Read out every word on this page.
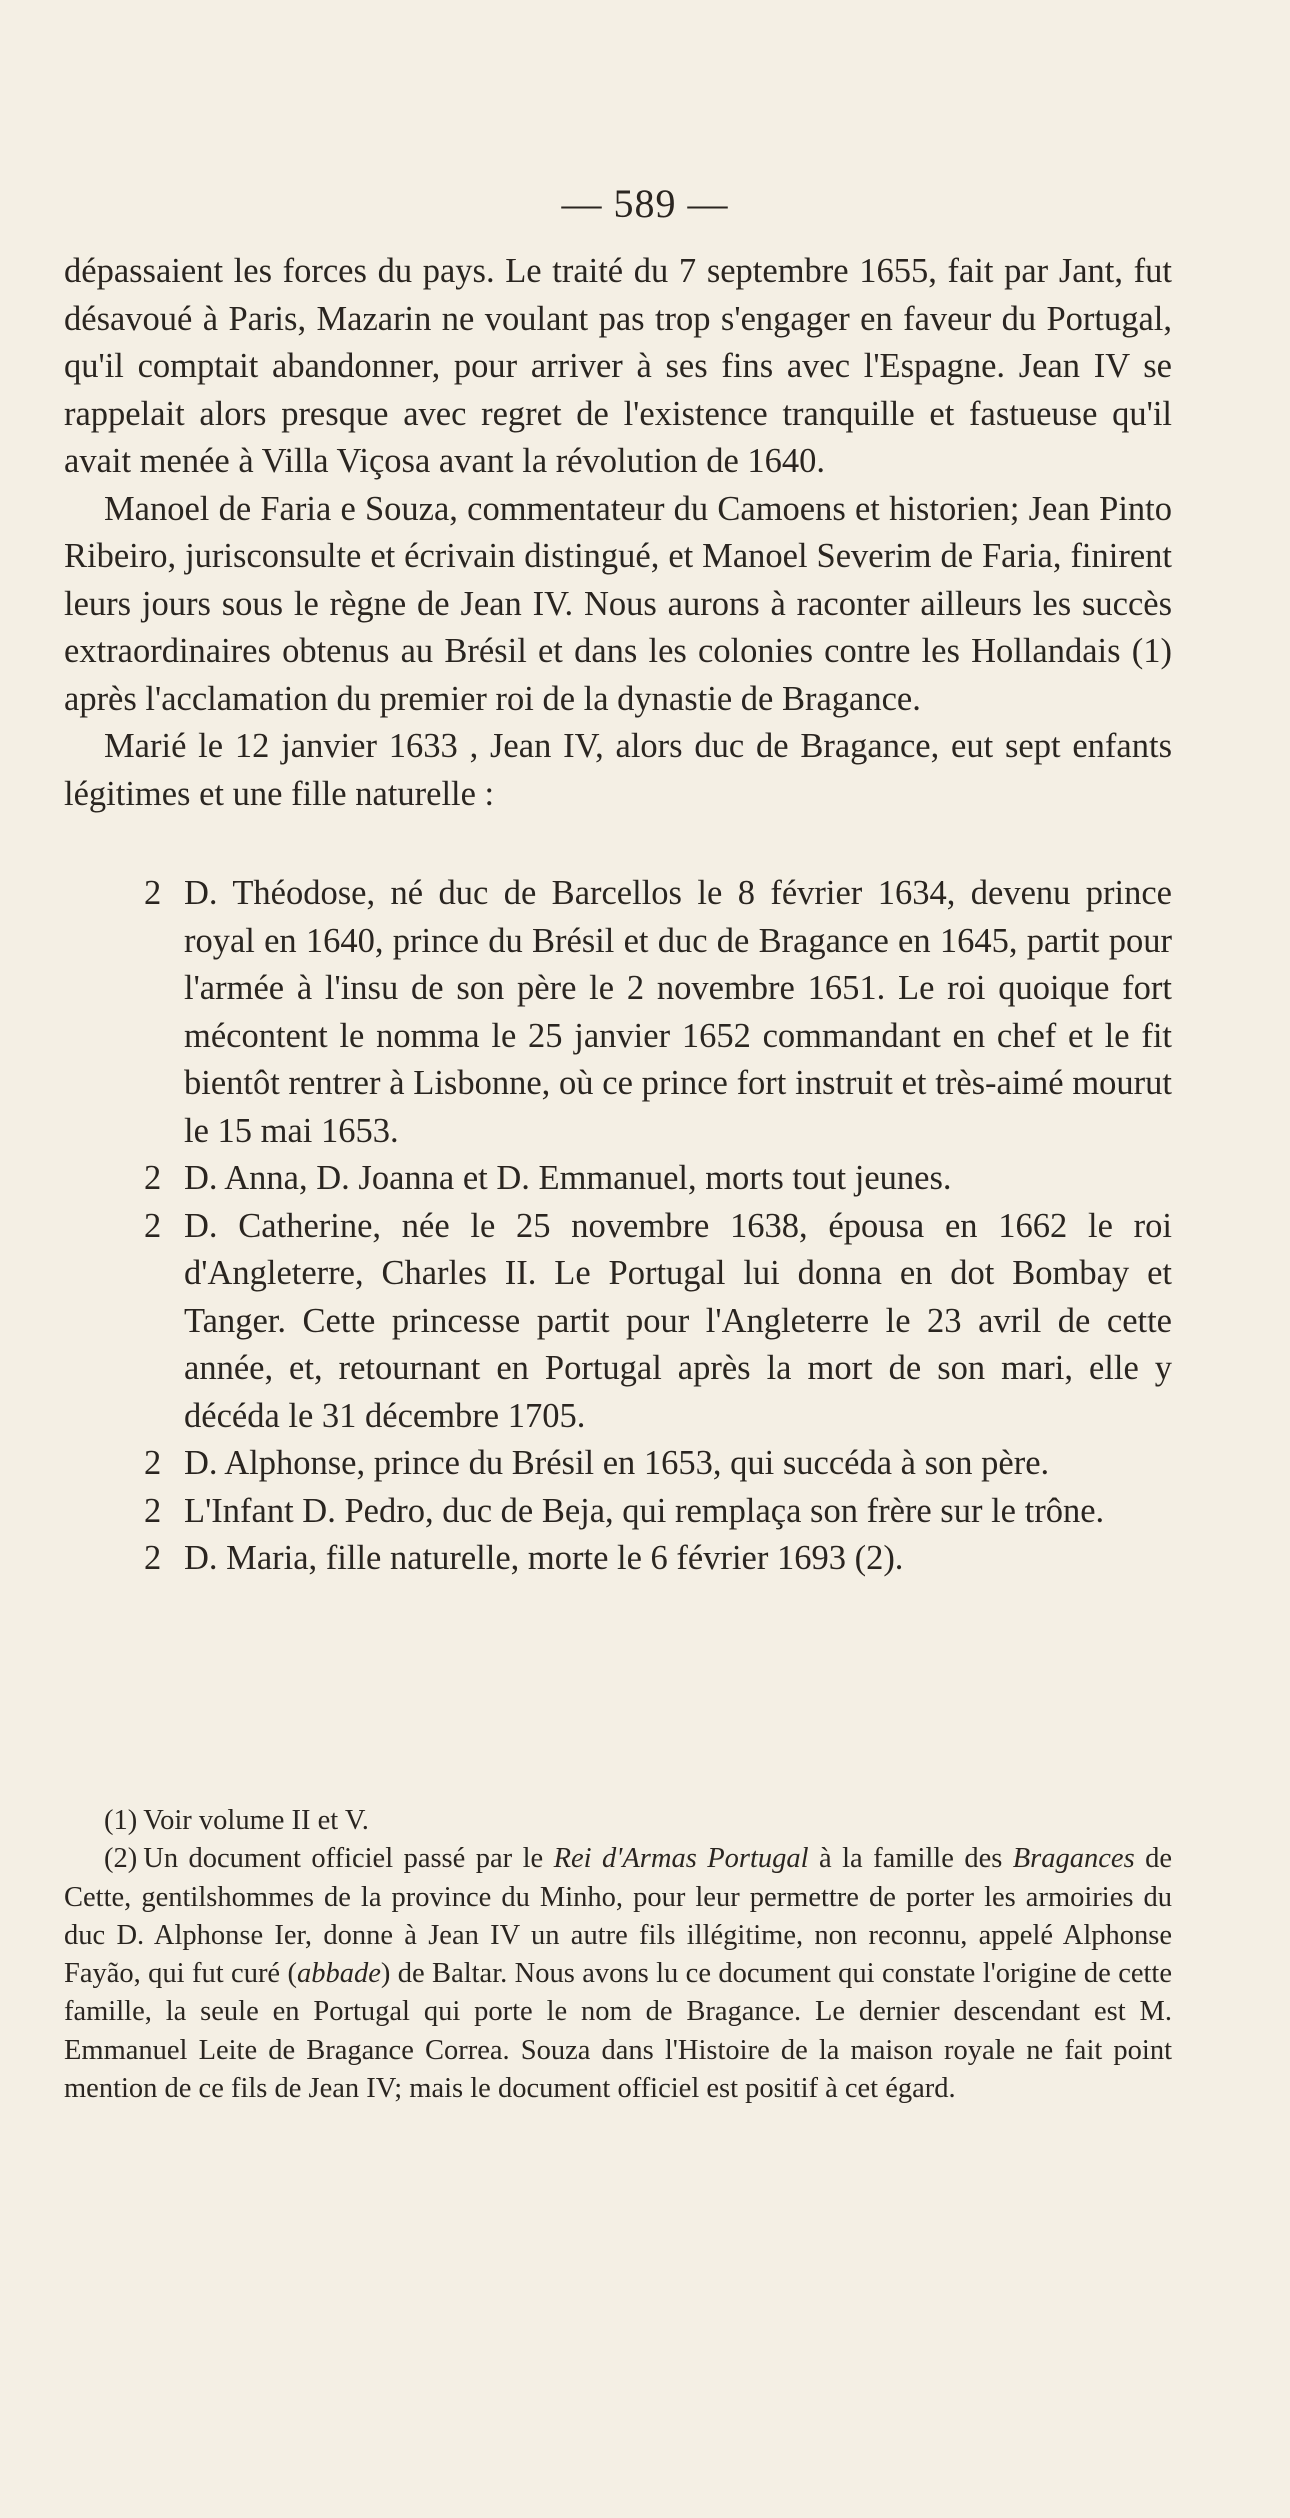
— 589 —

dépassaient les forces du pays. Le traité du 7 septembre 1655, fait par Jant, fut désavoué à Paris, Mazarin ne voulant pas trop s'engager en faveur du Portugal, qu'il comptait abandonner, pour arriver à ses fins avec l'Espagne. Jean IV se rappelait alors presque avec regret de l'existence tranquille et fastueuse qu'il avait menée à Villa Viçosa avant la révolution de 1640.

Manoel de Faria e Souza, commentateur du Camoens et historien; Jean Pinto Ribeiro, jurisconsulte et écrivain distingué, et Manoel Severim de Faria, finirent leurs jours sous le règne de Jean IV. Nous aurons à raconter ailleurs les succès extraordinaires obtenus au Brésil et dans les colonies contre les Hollandais (1) après l'acclamation du premier roi de la dynastie de Bragance.

Marié le 12 janvier 1633 , Jean IV, alors duc de Bragance, eut sept enfants légitimes et une fille naturelle :

2 D. Théodose, né duc de Barcellos le 8 février 1634, devenu prince royal en 1640, prince du Brésil et duc de Bragance en 1645, partit pour l'armée à l'insu de son père le 2 novembre 1651. Le roi quoique fort mécontent le nomma le 25 janvier 1652 commandant en chef et le fit bientôt rentrer à Lisbonne, où ce prince fort instruit et très-aimé mourut le 15 mai 1653.
2 D. Anna, D. Joanna et D. Emmanuel, morts tout jeunes.
2 D. Catherine, née le 25 novembre 1638, épousa en 1662 le roi d'Angleterre, Charles II. Le Portugal lui donna en dot Bombay et Tanger. Cette princesse partit pour l'Angleterre le 23 avril de cette année, et, retournant en Portugal après la mort de son mari, elle y décéda le 31 décembre 1705.
2 D. Alphonse, prince du Brésil en 1653, qui succéda à son père.
2 L'Infant D. Pedro, duc de Beja, qui remplaça son frère sur le trône.
2 D. Maria, fille naturelle, morte le 6 février 1693 (2).

(1) Voir volume II et V.

(2) Un document officiel passé par le Rei d'Armas Portugal à la famille des Bragances de Cette, gentilshommes de la province du Minho, pour leur permettre de porter les armoiries du duc D. Alphonse Ier, donne à Jean IV un autre fils illégitime, non reconnu, appelé Alphonse Fayão, qui fut curé (abbade) de Baltar. Nous avons lu ce document qui constate l'origine de cette famille, la seule en Portugal qui porte le nom de Bragance. Le dernier descendant est M. Emmanuel Leite de Bragance Correa. Souza dans l'Histoire de la maison royale ne fait point mention de ce fils de Jean IV; mais le document officiel est positif à cet égard.
